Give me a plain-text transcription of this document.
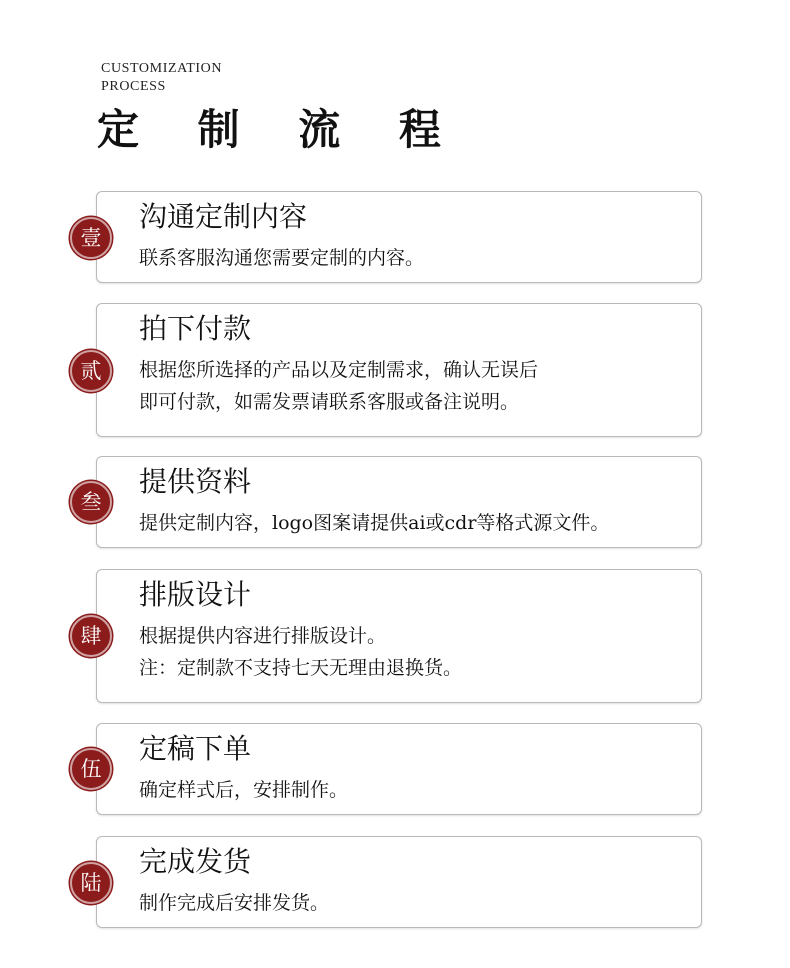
CUSTOMIZATION
PROCESS
定 制 流 程
沟通定制内容
联系客服沟通您需要定制的内容。
壹
拍下付款
根据您所选择的产品以及定制需求，确认无误后
即可付款，如需发票请联系客服或备注说明。
贰
提供资料
提供定制内容，logo图案请提供ai或cdr等格式源文件。
叁
排版设计
根据提供内容进行排版设计。
注：定制款不支持七天无理由退换货。
肆
定稿下单
确定样式后，安排制作。
伍
完成发货
制作完成后安排发货。
陆
